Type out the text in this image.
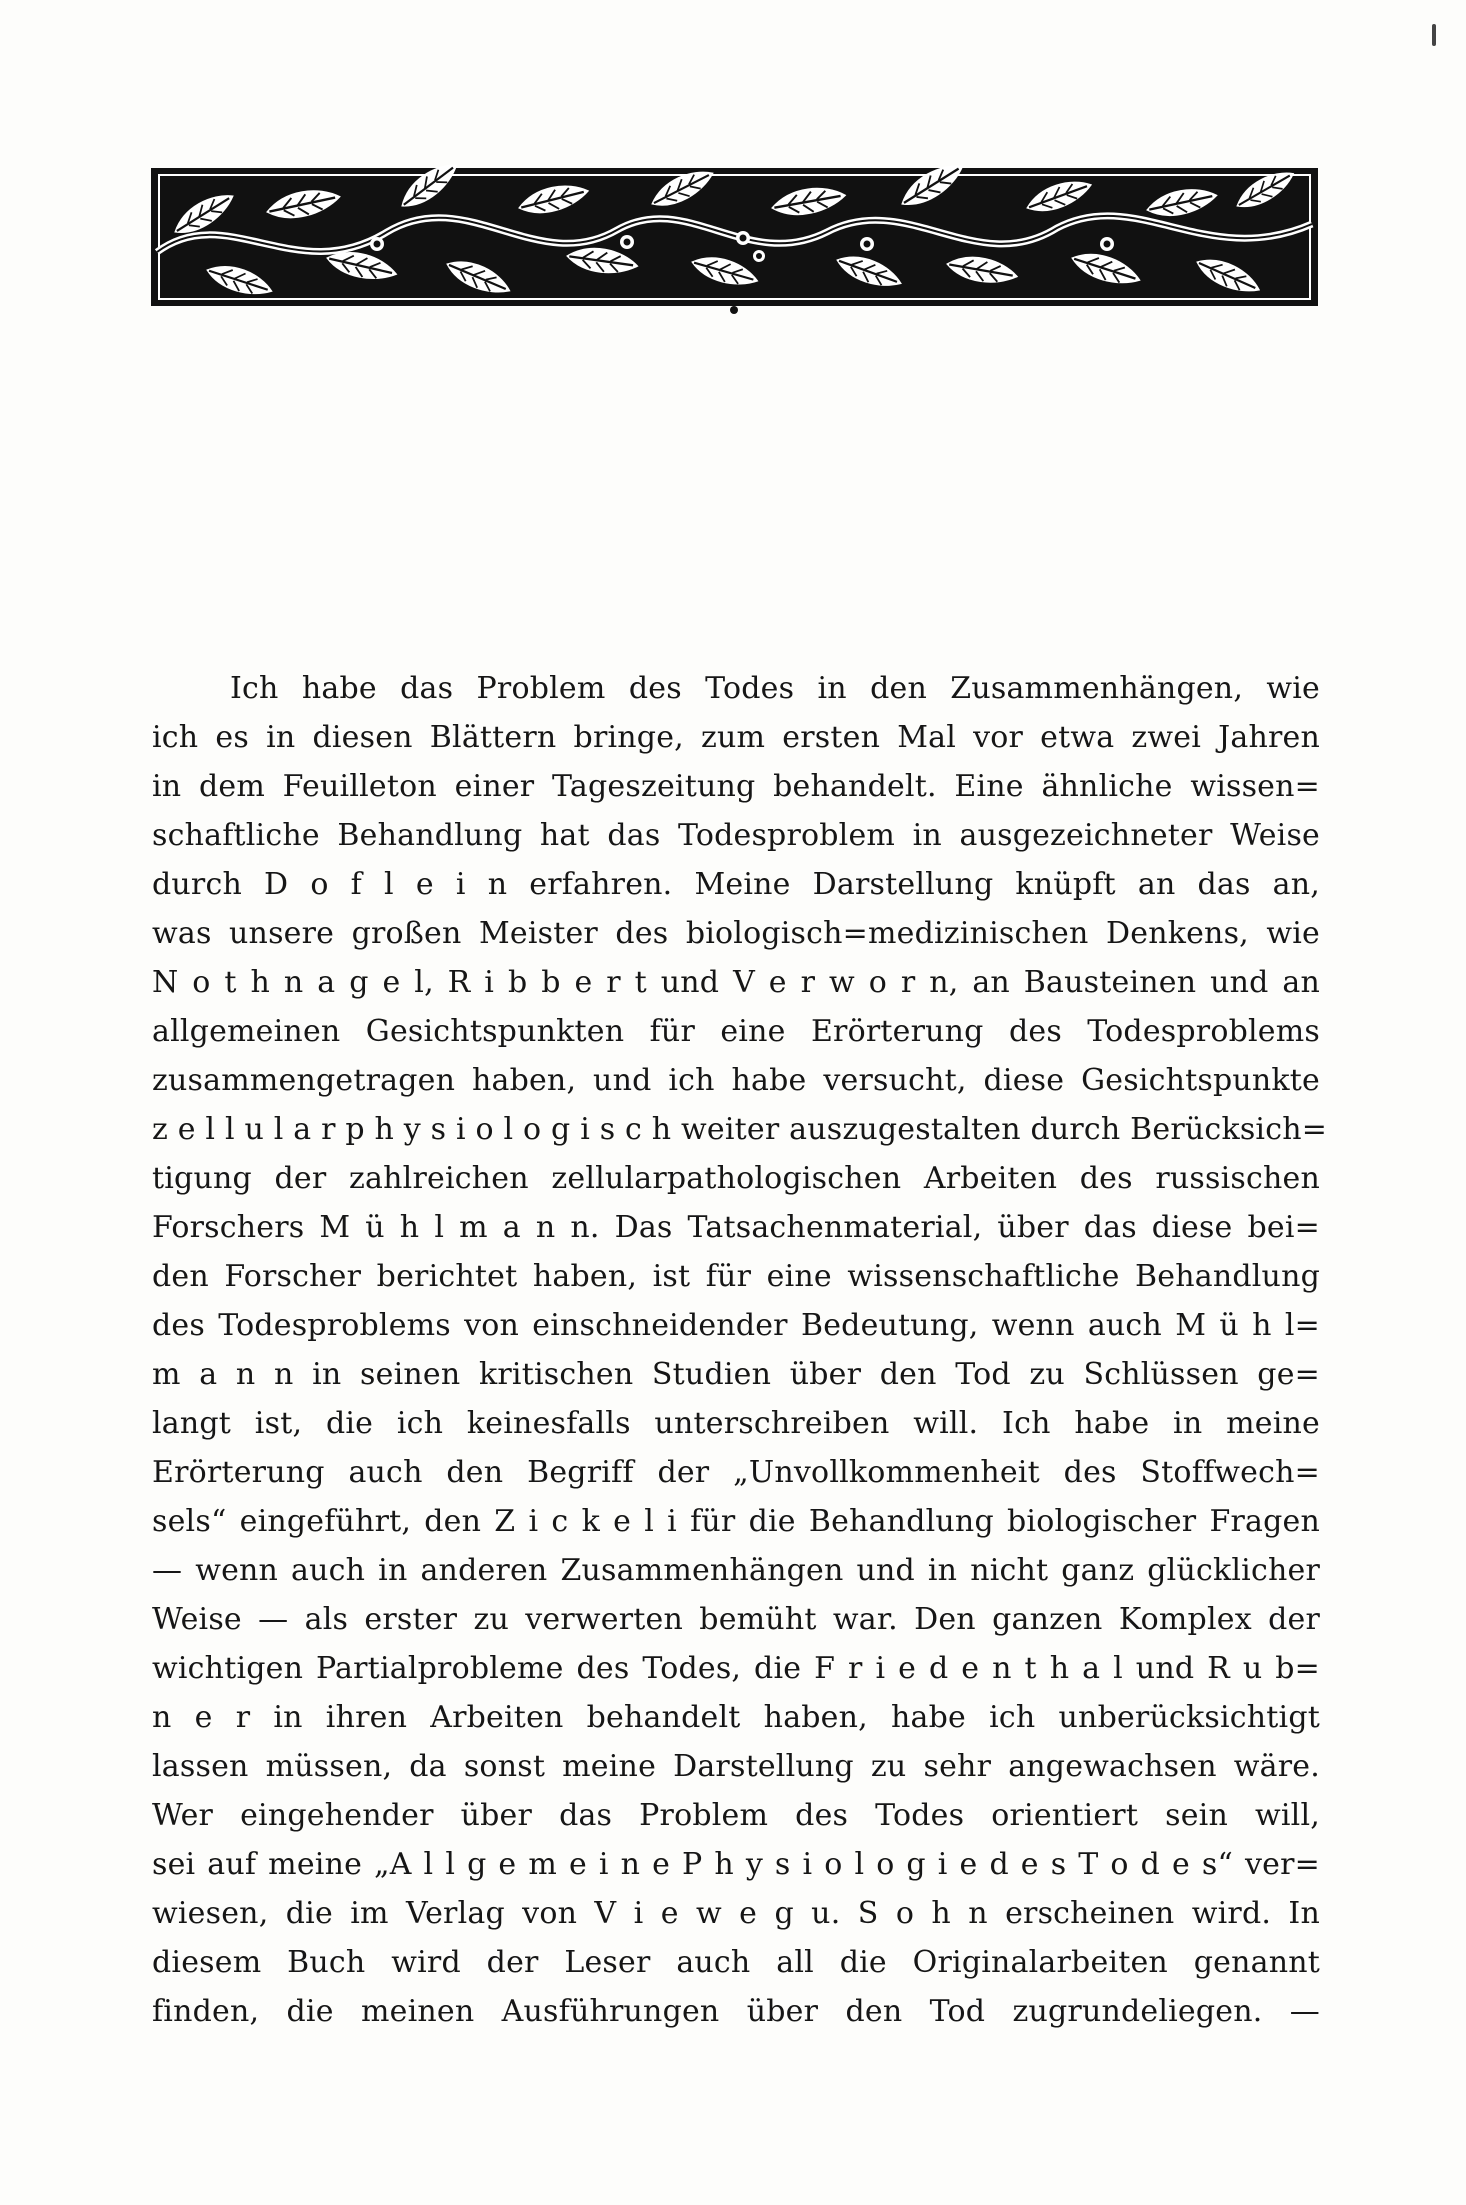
Ich habe das Problem des Todes in den Zusammenhängen, wie
ich es in diesen Blättern bringe, zum ersten Mal vor etwa zwei Jahren
in dem Feuilleton einer Tageszeitung behandelt. Eine ähnliche wissen=
schaftliche Behandlung hat das Todesproblem in ausgezeichneter Weise
durch D o f l e i n erfahren. Meine Darstellung knüpft an das an,
was unsere großen Meister des biologisch=medizinischen Denkens, wie
N o t h n a g e l, R i b b e r t und V e r w o r n, an Bausteinen und an
allgemeinen Gesichtspunkten für eine Erörterung des Todesproblems
zusammengetragen haben, und ich habe versucht, diese Gesichtspunkte
z e l l u l a r p h y s i o l o g i s c h weiter auszugestalten durch Berücksich=
tigung der zahlreichen zellularpathologischen Arbeiten des russischen
Forschers M ü h l m a n n. Das Tatsachenmaterial, über das diese bei=
den Forscher berichtet haben, ist für eine wissenschaftliche Behandlung
des Todesproblems von einschneidender Bedeutung, wenn auch M ü h l=
m a n n in seinen kritischen Studien über den Tod zu Schlüssen ge=
langt ist, die ich keinesfalls unterschreiben will. Ich habe in meine
Erörterung auch den Begriff der „Unvollkommenheit des Stoffwech=
sels“ eingeführt, den Z i c k e l i für die Behandlung biologischer Fragen
— wenn auch in anderen Zusammenhängen und in nicht ganz glücklicher
Weise — als erster zu verwerten bemüht war. Den ganzen Komplex der
wichtigen Partialprobleme des Todes, die F r i e d e n t h a l und R u b=
n e r in ihren Arbeiten behandelt haben, habe ich unberücksichtigt
lassen müssen, da sonst meine Darstellung zu sehr angewachsen wäre.
Wer eingehender über das Problem des Todes orientiert sein will,
sei auf meine „A l l g e m e i n e P h y s i o l o g i e d e s T o d e s“ ver=
wiesen, die im Verlag von V i e w e g u. S o h n erscheinen wird. In
diesem Buch wird der Leser auch all die Originalarbeiten genannt
finden, die meinen Ausführungen über den Tod zugrundeliegen. —
